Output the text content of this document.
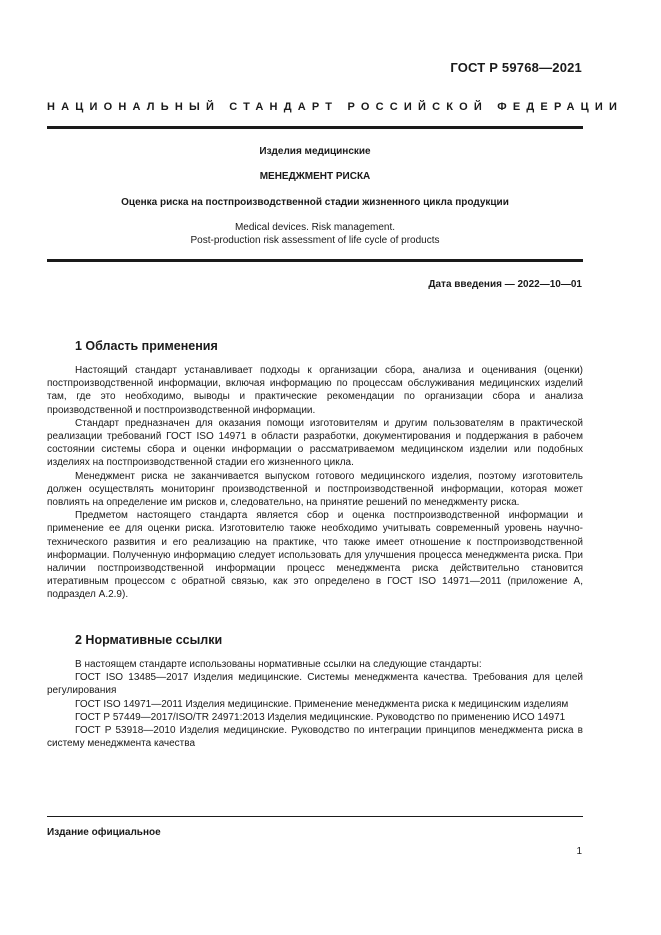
ГОСТ Р 59768—2021
НАЦИОНАЛЬНЫЙ СТАНДАРТ РОССИЙСКОЙ ФЕДЕРАЦИИ
Изделия медицинские
МЕНЕДЖМЕНТ РИСКА
Оценка риска на постпроизводственной стадии жизненного цикла продукции
Medical devices. Risk management.
Post-production risk assessment of life cycle of products
Дата введения — 2022—10—01
1 Область применения

Настоящий стандарт устанавливает подходы к организации сбора, анализа и оценивания (оценки) постпроизводственной информации, включая информацию по процессам обслуживания медицинских изделий там, где это необходимо, выводы и практические рекомендации по организации сбора и анализа производственной и постпроизводственной информации.

Стандарт предназначен для оказания помощи изготовителям и другим пользователям в практической реализации требований ГОСТ ISO 14971 в области разработки, документирования и поддержания в рабочем состоянии системы сбора и оценки информации о рассматриваемом медицинском изделии или подобных изделиях на постпроизводственной стадии его жизненного цикла.

Менеджмент риска не заканчивается выпуском готового медицинского изделия, поэтому изготовитель должен осуществлять мониторинг производственной и постпроизводственной информации, которая может повлиять на определение им рисков и, следовательно, на принятие решений по менеджменту риска.

Предметом настоящего стандарта является сбор и оценка постпроизводственной информации и применение ее для оценки риска. Изготовителю также необходимо учитывать современный уровень научно-технического развития и его реализацию на практике, что также имеет отношение к постпроизводственной информации. Полученную информацию следует использовать для улучшения процесса менеджмента риска. При наличии постпроизводственной информации процесс менеджмента риска действительно становится итеративным процессом с обратной связью, как это определено в ГОСТ ISO 14971—2011 (приложение А, подраздел А.2.9).

2 Нормативные ссылки

В настоящем стандарте использованы нормативные ссылки на следующие стандарты:

ГОСТ ISO 13485—2017 Изделия медицинские. Системы менеджмента качества. Требования для целей регулирования

ГОСТ ISO 14971—2011 Изделия медицинские. Применение менеджмента риска к медицинским изделиям

ГОСТ Р 57449—2017/ISO/TR 24971:2013 Изделия медицинские. Руководство по применению ИСО 14971

ГОСТ Р 53918—2010 Изделия медицинские. Руководство по интеграции принципов менеджмента риска в систему менеджмента качества

Издание официальное
1
